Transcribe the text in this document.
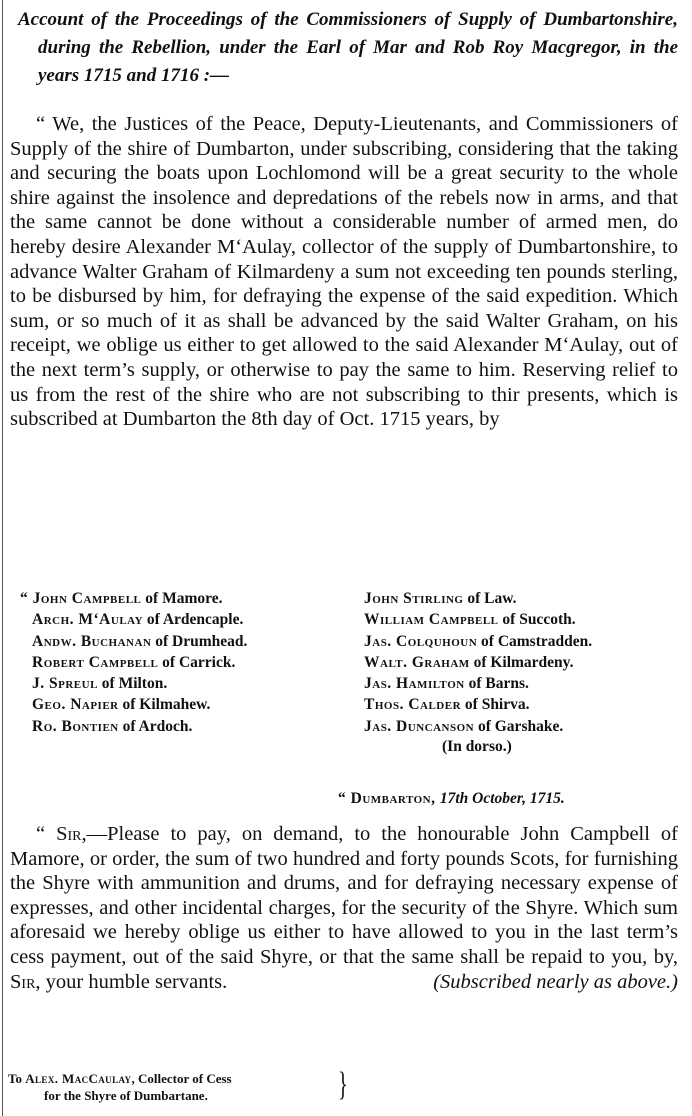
Account of the Proceedings of the Commissioners of Supply of Dumbartonshire, during the Rebellion, under the Earl of Mar and Rob Roy Macgregor, in the years 1715 and 1716 :—
“ We, the Justices of the Peace, Deputy-Lieutenants, and Commissioners of Supply of the shire of Dumbarton, under subscribing, considering that the taking and securing the boats upon Lochlomond will be a great security to the whole shire against the insolence and depredations of the rebels now in arms, and that the same cannot be done without a considerable number of armed men, do hereby desire Alexander M‘Aulay, collector of the supply of Dumbartonshire, to advance Walter Graham of Kilmardeny a sum not exceeding ten pounds sterling, to be disbursed by him, for defraying the expense of the said expedition. Which sum, or so much of it as shall be advanced by the said Walter Graham, on his receipt, we oblige us either to get allowed to the said Alexander M‘Aulay, out of the next term’s supply, or otherwise to pay the same to him. Reserving relief to us from the rest of the shire who are not subscribing to thir presents, which is subscribed at Dumbarton the 8th day of Oct. 1715 years, by
“ John Campbell of Mamore.
Arch. M‘Aulay of Ardencaple.
Andw. Buchanan of Drumhead.
Robert Campbell of Carrick.
J. Spreul of Milton.
Geo. Napier of Kilmahew.
Ro. Bontien of Ardoch.
John Stirling of Law.
William Campbell of Succoth.
Jas. Colquhoun of Camstradden.
Walt. Graham of Kilmardeny.
Jas. Hamilton of Barns.
Thos. Calder of Shirva.
Jas. Duncanson of Garshake.
(In dorso.)
“ Dumbarton, 17th October, 1715.
“ Sir,—Please to pay, on demand, to the honourable John Campbell of Mamore, or order, the sum of two hundred and forty pounds Scots, for furnishing the Shyre with ammunition and drums, and for defraying necessary expense of expresses, and other incidental charges, for the security of the Shyre. Which sum aforesaid we hereby oblige us either to have allowed to you in the last term’s cess payment, out of the said Shyre, or that the same shall be repaid to you, by, Sir, your humble servants.	(Subscribed nearly as above.)
To Alex. MacCaulay, Collector of Cess
for the Shyre of Dumbartane.	}
